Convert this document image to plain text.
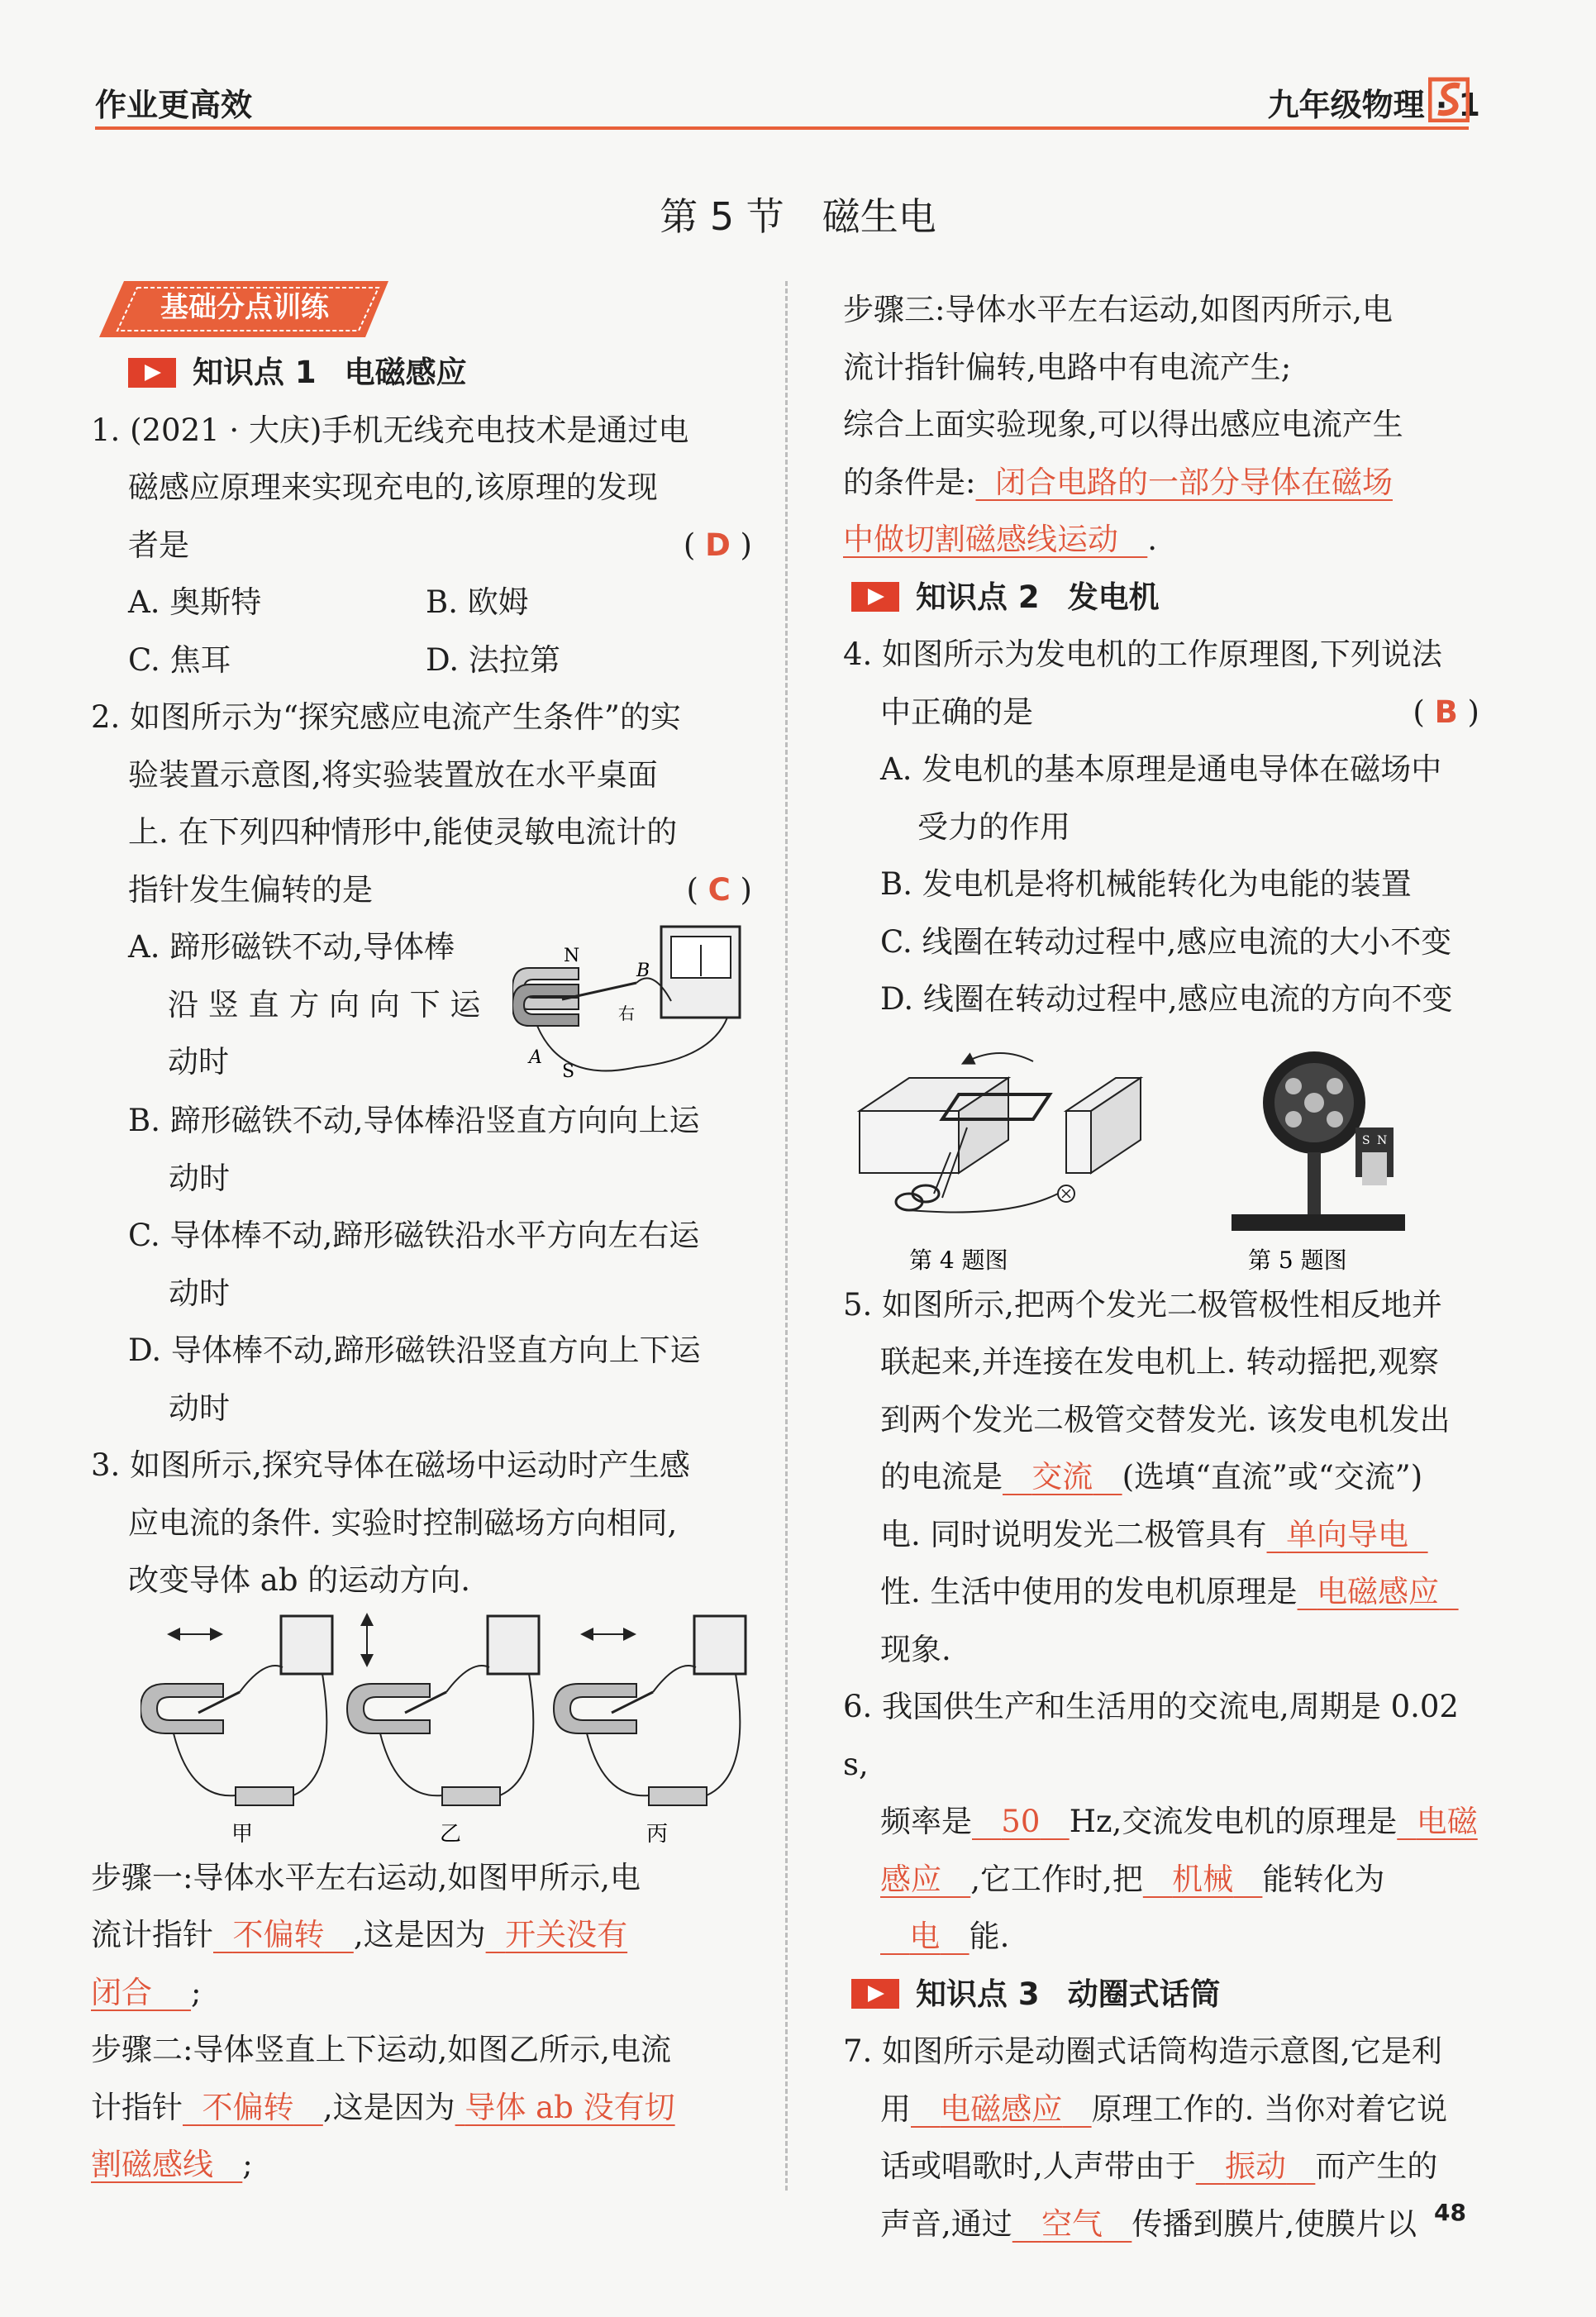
作业更高效	九年级物理 · 1
第 5 节　磁生电
基础分点训练
知识点 1 电磁感应

1. (2021 · 大庆)手机无线充电技术是通过电

磁感应原理来实现充电的,该原理的发现

者是	( D )

A. 奥斯特	B. 欧姆

C. 焦耳	D. 法拉第

2. 如图所示为“探究感应电流产生条件”的实

验装置示意图,将实验装置放在水平桌面

上. 在下列四种情形中,能使灵敏电流计的

指针发生偏转的是	( C )

A. 蹄形磁铁不动,导体棒

沿 竖 直 方 向 向 下 运

动时

N
B
A
S
右

B. 蹄形磁铁不动,导体棒沿竖直方向向上运

动时

C. 导体棒不动,蹄形磁铁沿水平方向左右运

动时

D. 导体棒不动,蹄形磁铁沿竖直方向上下运

动时

3. 如图所示,探究导体在磁场中运动时产生感

应电流的条件. 实验时控制磁场方向相同,

改变导体 ab 的运动方向.

甲	乙	丙

步骤一:导体水平左右运动,如图甲所示,电

流计指针 不偏转 ,这是因为 开关没有

闭合 ;

步骤二:导体竖直上下运动,如图乙所示,电流

计指针 不偏转 ,这是因为 导体 ab 没有切

割磁感线 ;

步骤三:导体水平左右运动,如图丙所示,电

流计指针偏转,电路中有电流产生;

综合上面实验现象,可以得出感应电流产生

的条件是: 闭合电路的一部分导体在磁场

中做切割磁感线运动 .

知识点 2 发电机

4. 如图所示为发电机的工作原理图,下列说法

中正确的是	( B )

A. 发电机的基本原理是通电导体在磁场中

受力的作用

B. 发电机是将机械能转化为电能的装置

C. 线圈在转动过程中,感应电流的大小不变

D. 线圈在转动过程中,感应电流的方向不变

S N
第 4 题图	第 5 题图

5. 如图所示,把两个发光二极管极性相反地并

联起来,并连接在发电机上. 转动摇把,观察

到两个发光二极管交替发光. 该发电机发出

的电流是 交流 (选填“直流”或“交流”)

电. 同时说明发光二极管具有 单向导电

性. 生活中使用的发电机原理是 电磁感应

现象.

6. 我国供生产和生活用的交流电,周期是 0.02 s,

频率是 50 Hz,交流发电机的原理是 电磁

感应 ,它工作时,把 机械 能转化为

电 能.

知识点 3 动圈式话筒

7. 如图所示是动圈式话筒构造示意图,它是利

用 电磁感应 原理工作的. 当你对着它说

话或唱歌时,人声带由于 振动 而产生的

声音,通过 空气 传播到膜片,使膜片以 48
